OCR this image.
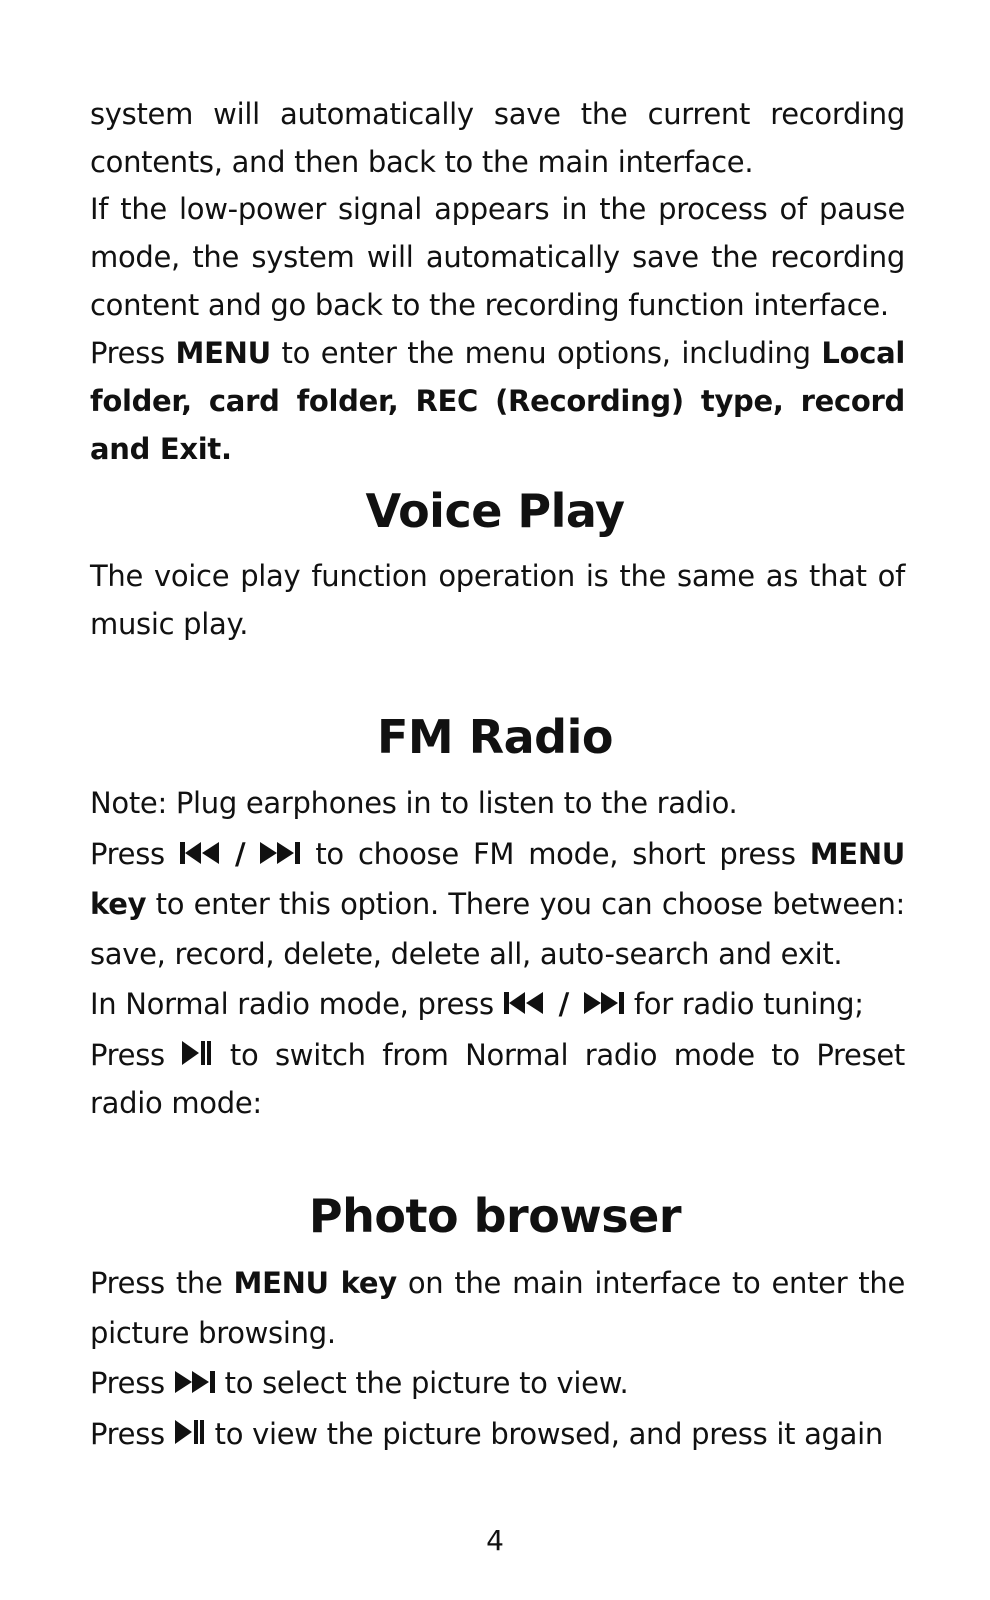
system will automatically save the current recording contents, and then back to the main interface.
If the low-power signal appears in the process of pause mode, the system will automatically save the recording content and go back to the recording function interface.
Press MENU to enter the menu options, including Local folder, card folder, REC (Recording) type, record and Exit.
Voice Play
The voice play function operation is the same as that of music play.
FM Radio
Note: Plug earphones in to listen to the radio.
Press / to choose FM mode, short press MENU key to enter this option. There you can choose between: save, record, delete, delete all, auto-search and exit.
In Normal radio mode, press / for radio tuning;
Press to switch from Normal radio mode to Preset radio mode:
Photo browser
Press the MENU key on the main interface to enter the picture browsing.
Press to select the picture to view.
Press to view the picture browsed, and press it again
4
